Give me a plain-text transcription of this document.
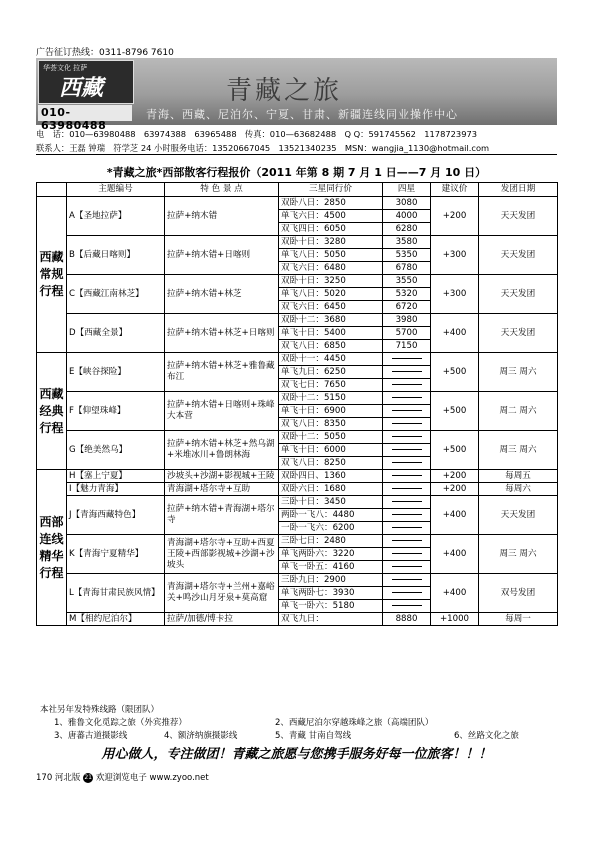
广告征订热线：0311-8796 7610
华荟文化 拉萨
西藏
010-63980488
青藏之旅
青海、西藏、尼泊尔、宁夏、甘肃、新疆连线同业操作中心
电　话：010—63980488　63974388　63965488　传真：010—63682488　Q Q：591745562　1178723973
联系人：王磊 钟瑞　符学芝 24 小时服务电话：13520667045　13521340235　MSN：wangjia_1130@hotmail.com
*青藏之旅*西部散客行程报价（2011 年第 8 期 7 月 1 日——7 月 10 日）
	主题编号	特 色 景 点	三星同行价	四星	建议价	发团日期
西藏常规行程	A【圣地拉萨】	拉萨+纳木错	双卧八日：2850	3080	+200	天天发团
			单飞六日：4500	4000		
			双飞四日：6050	6280		
	B【后藏日喀则】	拉萨+纳木错+日喀则	双卧十日：3280	3580	+300	天天发团
			单飞八日：5050	5350		
			双飞六日：6480	6780		
	C【西藏江南林芝】	拉萨+纳木错+林芝	双卧十日：3250	3550	+300	天天发团
			单飞八日：5020	5320		
			双飞六日：6450	6720		
	D【西藏全景】	拉萨+纳木错+林芝+日喀则	双卧十二：3680	3980	+400	天天发团
			单飞十日：5400	5700		
			双飞八日：6850	7150		
西藏经典行程	E【峡谷探险】	拉萨+纳木错+林芝+雅鲁藏布江	双卧十一：4450		+500	周三 周六
			单飞九日：6250			
			双飞七日：7650			
	F【仰望珠峰】	拉萨+纳木错+日喀则+珠峰大本营	双卧十二：5150		+500	周二 周六
			单飞十日：6900			
			双飞八日：8350			
	G【绝美然乌】	拉萨+纳木错+林芝+然乌湖+米堆冰川+鲁朗林海	双卧十二：5050		+500	周三 周六
			单飞十日：6000			
			双飞八日：8250			
西部连线精华行程	H【塞上宁夏】	沙坡头+沙湖+影视城+王陵	双卧四日、1360		+200	每周五
	I【魅力青海】	青海湖+塔尔寺+互助	双卧六日：1680		+200	每周六
	J【青海西藏特色】	拉萨+纳木错+青海湖+塔尔寺	三卧十日：3450		+400	天天发团
			两卧一飞八：4480			
			一卧一飞六：6200			
	K【青海宁夏精华】	青海湖+塔尔寺+互助+西夏王陵+西部影视城+沙湖+沙坡头	三卧七日：2480		+400	周三 周六
			单飞两卧六：3220			
			单飞一卧五：4160			
	L【青海甘肃民族风情】	青海湖+塔尔寺+兰州+嘉峪关+鸣沙山月牙泉+莫高窟	三卧九日：2900		+400	双号发团
			单飞两卧七：3930			
			单飞一卧六：5180			
	M【相约尼泊尔】	拉萨/加德/博卡拉	双飞九日：	8880	+1000	每周一
本社另年发特殊线路（限团队）
1、雅鲁文化觅踪之旅（外宾推荐）	2、西藏尼泊尔穿越珠峰之旅（高端团队）
3、唐蕃古道摄影线	4、额济纳旗摄影线	5、青藏 甘南自驾线	6、丝路文化之旅
用心做人，专注做团！青藏之旅愿与您携手服务好每一位旅客！！！
170 河北版 21 欢迎浏览电子 www.zyoo.net
